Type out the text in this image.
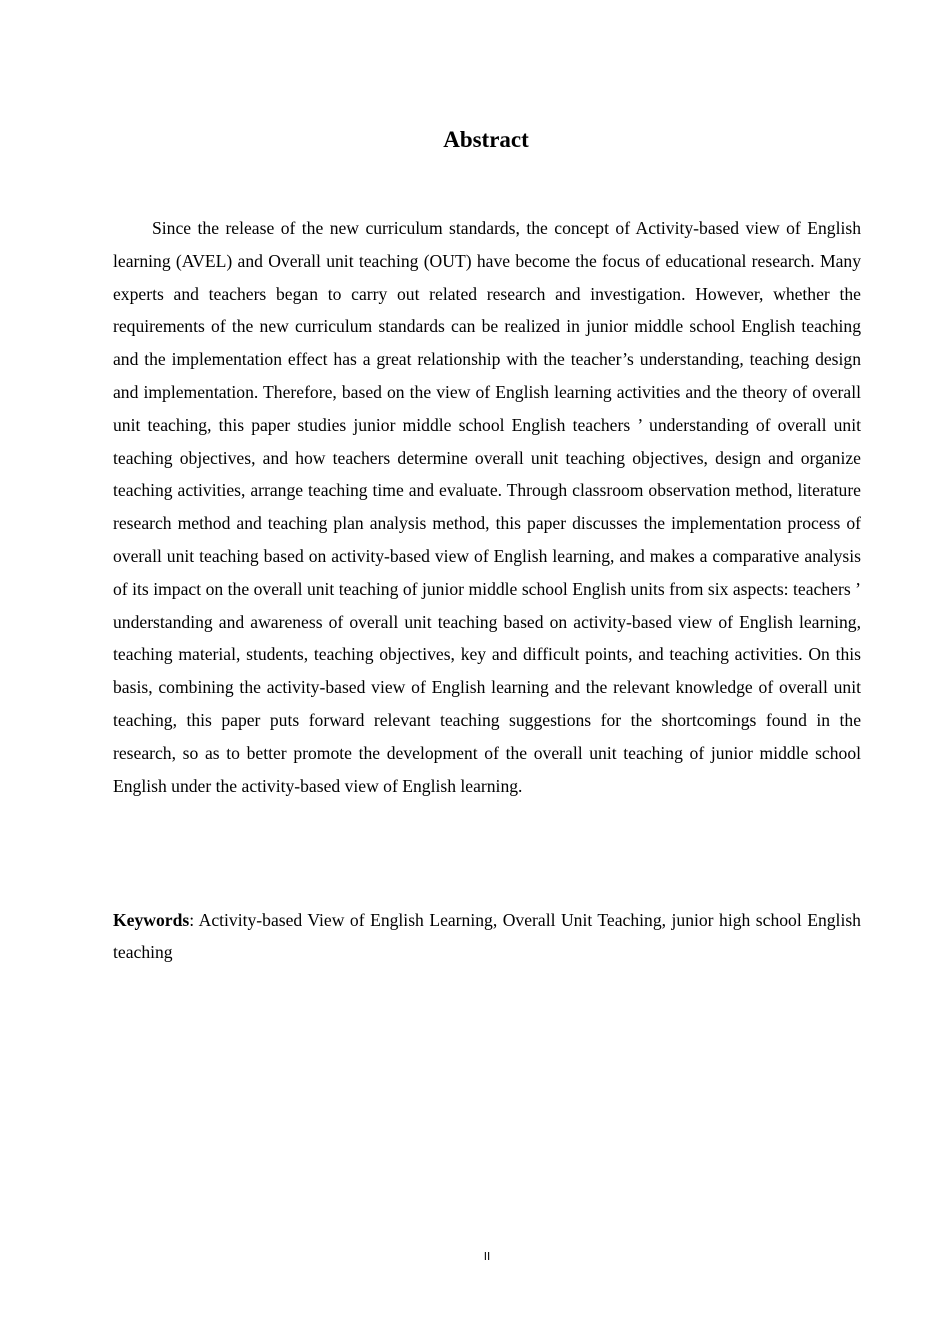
Abstract

Since the release of the new curriculum standards, the concept of Activity-based view of English learning (AVEL) and Overall unit teaching (OUT) have become the focus of educational research. Many experts and teachers began to carry out related research and investigation. However, whether the requirements of the new curriculum standards can be realized in junior middle school English teaching and the implementation effect has a great relationship with the teacher’s understanding, teaching design and implementation. Therefore, based on the view of English learning activities and the theory of overall unit teaching, this paper studies junior middle school English teachers ’ understanding of overall unit teaching objectives, and how teachers determine overall unit teaching objectives, design and organize teaching activities, arrange teaching time and evaluate. Through classroom observation method, literature research method and teaching plan analysis method, this paper discusses the implementation process of overall unit teaching based on activity-based view of English learning, and makes a comparative analysis of its impact on the overall unit teaching of junior middle school English units from six aspects: teachers ’ understanding and awareness of overall unit teaching based on activity-based view of English learning, teaching material, students, teaching objectives, key and difficult points, and teaching activities. On this basis, combining the activity-based view of English learning and the relevant knowledge of overall unit teaching, this paper puts forward relevant teaching suggestions for the shortcomings found in the research, so as to better promote the development of the overall unit teaching of junior middle school English under the activity-based view of English learning.

Keywords: Activity-based View of English Learning, Overall Unit Teaching, junior high school English teaching

II
